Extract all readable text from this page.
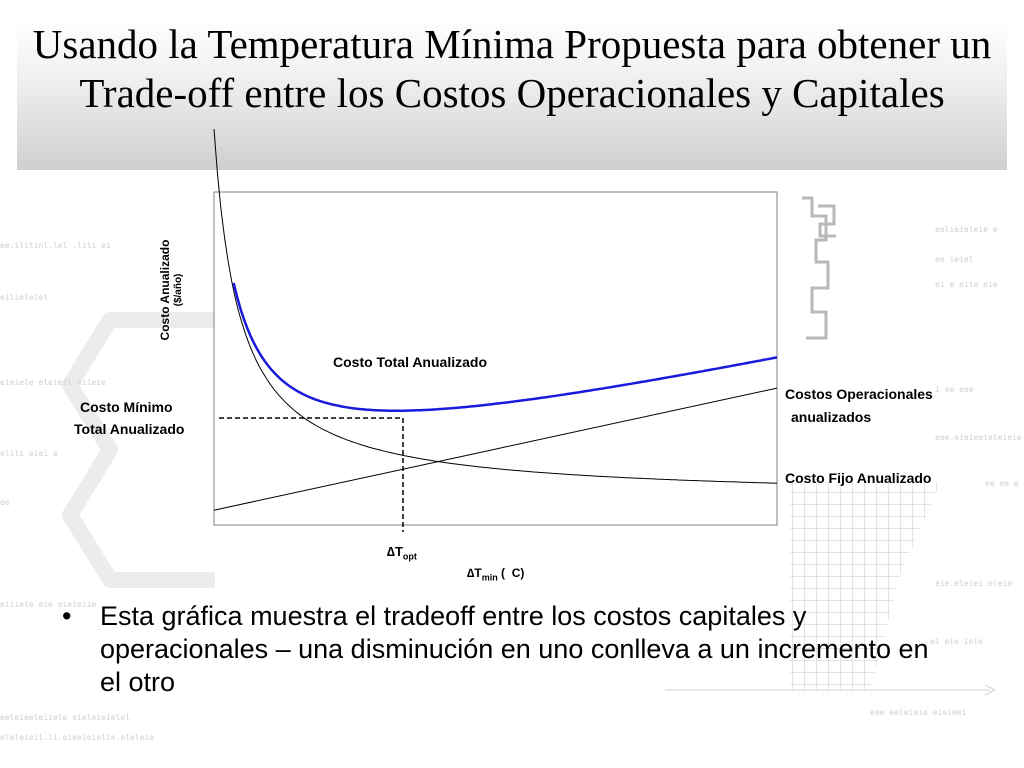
ee.ilitinl.lel .lili ei
eilielelel
eieiele eleieil eiieie
elili eiei e
ee
eiiiele eie eieieiie
eeleieeleiiele eieleieielel
eleleieil.li.eieeieielie.eleleie
eelieieleie e
ee ieiel
ei e eiie eie
i ee eee
eee.eieieeieleieie
ee ee e
eie.eleiei.eleie
ei eie ieie
eee eeleieie eieieei
Usando la Temperatura Mínima Propuesta para obtener un Trade-off entre los Costos Operacionales y Capitales
Costo Anualizado ($/año)
Costo Total Anualizado
Costos Operacionales
anualizados
Costo Fijo Anualizado
Costo Mínimo
Total Anualizado
$\Delta T_{opt}$
$\Delta T_{min}$ (  C)
• Esta gráfica muestra el tradeoff entre los costos capitales y operacionales – una disminución en uno conlleva a un incremento en el otro
